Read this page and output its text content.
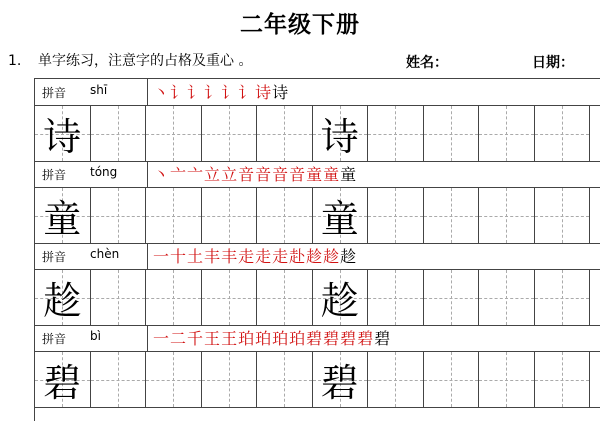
二年级下册
1. 单字练习，注意字的占格及重心 。	姓名：	日期：
拼音 shī	丶讠讠讠讠讠诗诗
诗	诗
拼音 tóng 丶亠亠立立音音音音童童童
童	童
拼音 chèn 一十土丰丰走走走赴趁趁趁
趁	趁
拼音 bì	一二千王王珀珀珀珀碧碧碧碧碧
碧	碧
